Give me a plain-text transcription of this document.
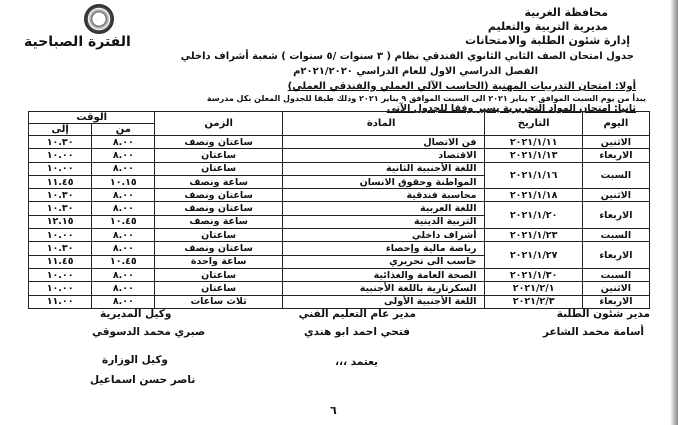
محافظة الغربية
مديرية التربية والتعليم
إدارة شئون الطلبة والامتحانات
الفترة الصباحية
جدول امتحان الصف الثاني الثانوي الفندقي نظام ( ٣ سنوات /٥ سنوات ) شعبة أشراف داخلي
الفصل الدراسي الاول للعام الدراسي ٢٠٢١/٢٠٢٠م
أولا: امتحان التدريبات المهنية (الحاسب الآلي العملي والفندقي العملي)
يبدأ من يوم السبت الموافق ٢ يناير ٢٠٢١ الى السبت الموافق ٩ يناير ٢٠٢١ وذلك طبقا للجدول المعلن بكل مدرسة
ثانيا: امتحان المواد التحريرية يسير وفقا للجدول الآتي
اليوم	التاريخ	المادة	الزمن	الوقت	
				من	إلى
الاثنين	٢٠٢١/١/١١	فن الاتصال	ساعتان ونصف	٨.٠٠	١٠.٣٠
الاربعاء	٢٠٢١/١/١٣	الاقتصاد	ساعتان	٨.٠٠	١٠.٠٠
السبت	٢٠٢١/١/١٦	اللغة الأجنبية الثانية	ساعتان	٨.٠٠	١٠.٠٠
		المواطنة وحقوق الانسان	ساعة ونصف	١٠.١٥	١١.٤٥
الاثنين	٢٠٢١/١/١٨	محاسبة فندقية	ساعتان ونصف	٨.٠٠	١٠.٣٠
الاربعاء	٢٠٢١/١/٢٠	اللغة العربية	ساعتان ونصف	٨.٠٠	١٠.٣٠
		التربية الدينية	ساعة ونصف	١٠.٤٥	١٢.١٥
السبت	٢٠٢١/١/٢٣	أشراف داخلي	ساعتان	٨.٠٠	١٠.٠٠
الاربعاء	٢٠٢١/١/٢٧	رياضة مالية وإحصاء	ساعتان ونصف	٨.٠٠	١٠.٣٠
		حاسب آلى تحريري	ساعة واحدة	١٠.٤٥	١١.٤٥
السبت	٢٠٢١/١/٣٠	الصحة العامة والغذائية	ساعتان	٨.٠٠	١٠.٠٠
الاثنين	٢٠٢١/٢/١	السكرتارية باللغة الأجنبية	ساعتان	٨.٠٠	١٠.٠٠
الاربعاء	٢٠٢١/٢/٣	اللغة الأجنبية الأولى	ثلاث ساعات	٨.٠٠	١١.٠٠
مدير شئون الطلبة
أسامة محمد الشاعر
مدير عام التعليم الفني
فتحي احمد ابو هندي
وكيل المديرية
صبري محمد الدسوقي
يعتمد ،،،
وكيل الوزارة
ناصر حسن اسماعيل
٦
